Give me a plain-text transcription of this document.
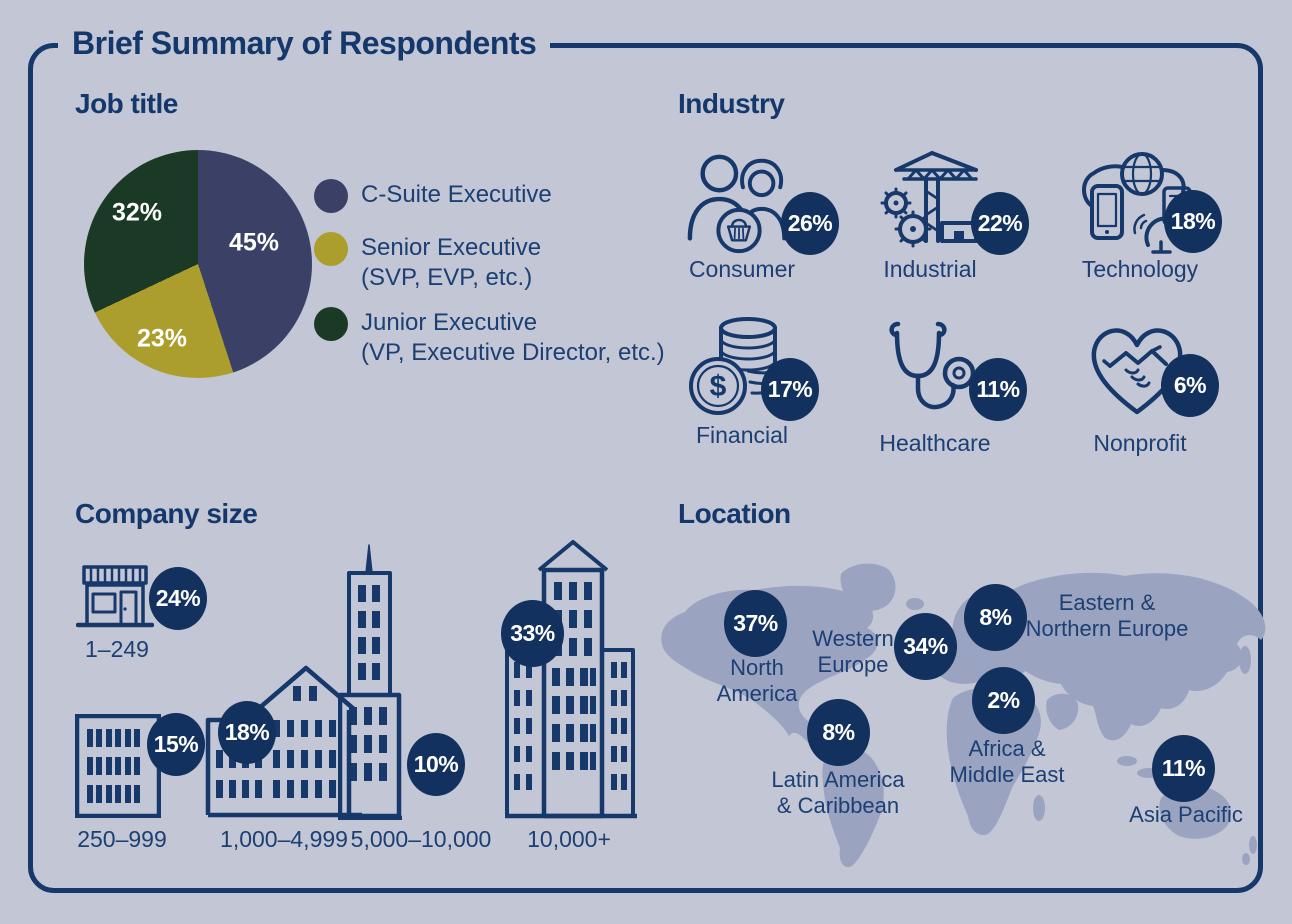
Brief Summary of Respondents
Job title
45%
23%
32%
C-Suite Executive
Senior Executive
(SVP, EVP, etc.)
Junior Executive
(VP, Executive Director, etc.)
Industry
26%
Consumer
22%
Industrial
18%
Technology
$ 17%
Financial
11%
Healthcare
6%
Nonprofit
Company size
24%
1–249
15%
250–999
18%
1,000–4,999
10%
5,000–10,000
33%
10,000+
Location
37%
North
America
Western
Europe
34%
8%
Eastern &
Northern Europe
2%
Africa &
Middle East
8%
Latin America
& Caribbean
11%
Asia Pacific
